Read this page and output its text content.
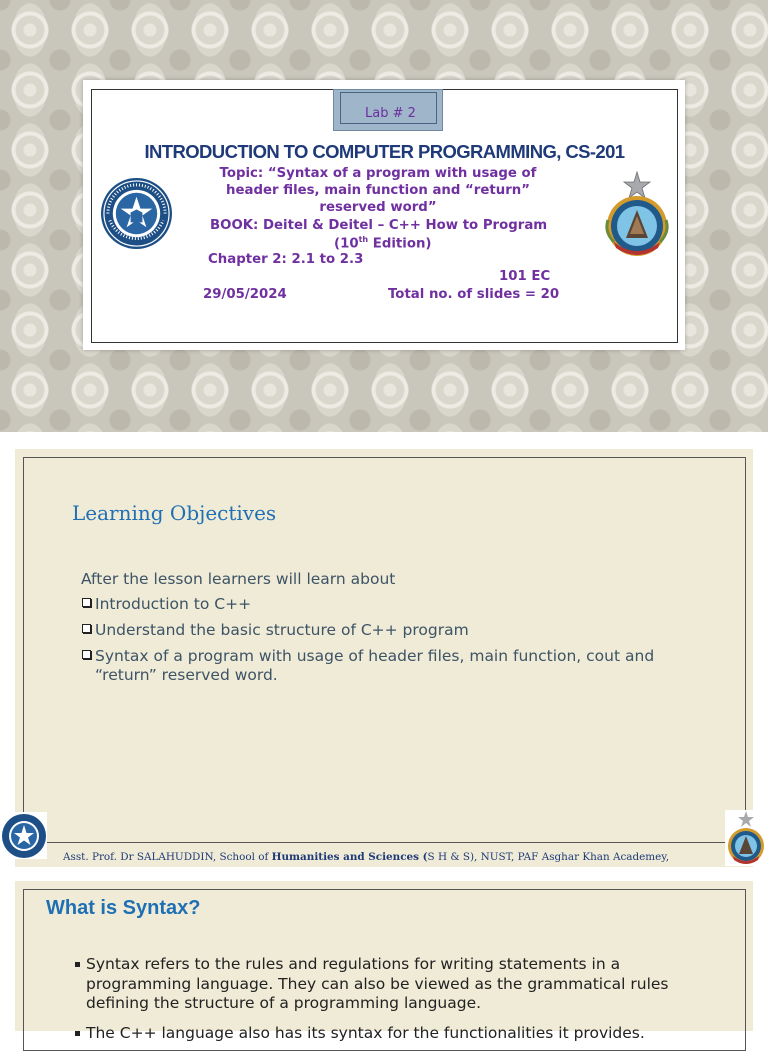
Lab # 2
INTRODUCTION TO COMPUTER PROGRAMMING, CS-201
Topic: “Syntax of a program with usage of header files, main function and “return” reserved word”
BOOK: Deitel & Deitel – C++ How to Program
(10th Edition)
Chapter 2: 2.1 to 2.3
101 EC
29/05/2024	Total no. of slides = 20
Learning Objectives
After the lesson learners will learn about
Introduction to C++
Understand the basic structure of C++ program
Syntax of a program with usage of header files, main function, cout and “return” reserved word.
Asst. Prof. Dr SALAHUDDIN, School of Humanities and Sciences (S H & S), NUST, PAF Asghar Khan Academey,
What is Syntax?
Syntax refers to the rules and regulations for writing statements in a programming language. They can also be viewed as the grammatical rules defining the structure of a programming language.
The C++ language also has its syntax for the functionalities it provides.
